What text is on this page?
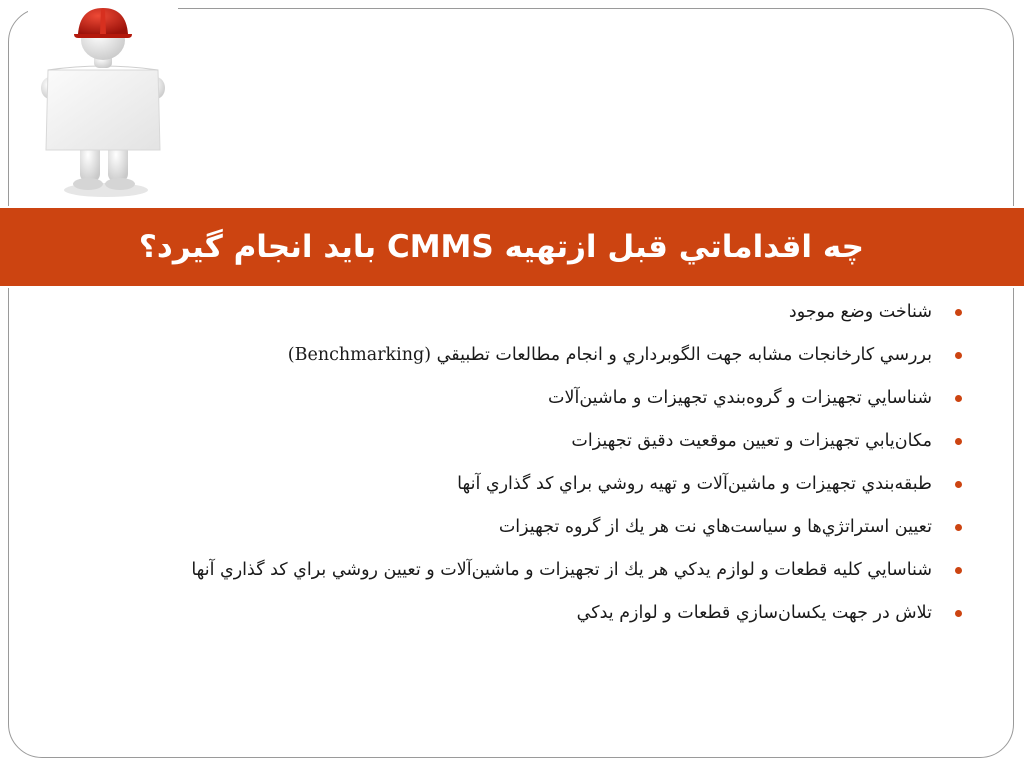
چه اقداماتي قبل ازتهيه CMMS بايد انجام گيرد؟
شناخت وضع موجود
بررسي كارخانجات مشابه جهت الگوبرداري و انجام مطالعات تطبيقي (Benchmarking)
شناسايي تجهيزات و گروه‌بندي تجهيزات و ماشين‌آلات
مكان‌يابي تجهيزات و تعيين موقعيت دقيق تجهيزات
طبقه‌بندي تجهيزات و ماشين‌آلات و تهيه روشي براي كد گذاري آنها
تعيين استراتژي‌ها و سياست‌هاي نت هر يك از گروه تجهيزات
شناسايي كليه قطعات و لوازم يدكي هر يك از تجهيزات و ماشين‌آلات و تعيين روشي براي كد گذاري آنها
تلاش در جهت يكسان‌سازي قطعات و لوازم يدكي
